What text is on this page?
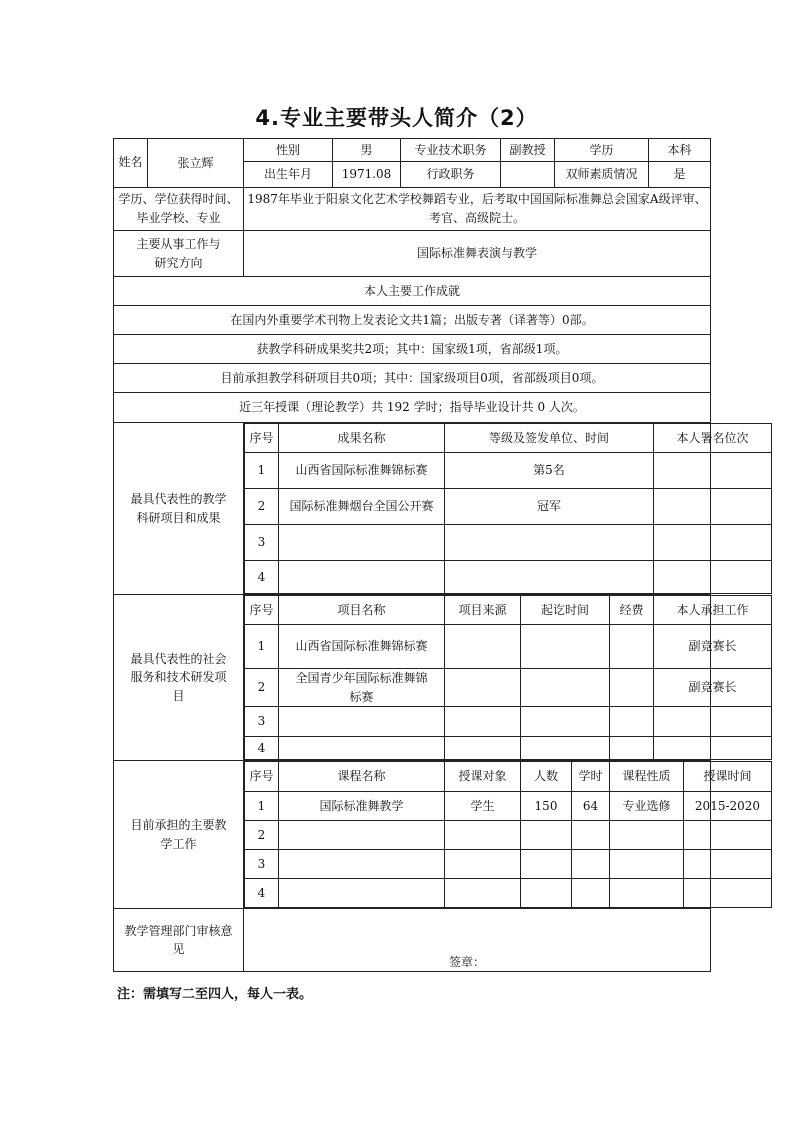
4.专业主要带头人简介（2）
姓名	张立辉	性别	男	专业技术职务	副教授	学历	本科
出生年月	1971.08	行政职务		双师素质情况	是
学历、学位获得时间、毕业学校、专业	1987年毕业于阳泉文化艺术学校舞蹈专业，后考取中国国际标准舞总会国家A级评审、考官、高级院士。
主要从事工作与研究方向	国际标准舞表演与教学
本人主要工作成就
在国内外重要学术刊物上发表论文共1篇；出版专著（译著等）0部。
获教学科研成果奖共2项；其中：国家级1项，省部级1项。
目前承担教学科研项目共0项；其中：国家级项目0项，省部级项目0项。
近三年授课（理论教学）共 192 学时；指导毕业设计共 0 人次。
最具代表性的教学科研项目和成果	
序号	成果名称	等级及签发单位、时间	本人署名位次
1	山西省国际标准舞锦标赛	第5名	
2	国际标准舞烟台全国公开赛	冠军	
3			
4			

最具代表性的社会服务和技术研发项目	
序号	项目名称	项目来源	起讫时间	经费	本人承担工作
1	山西省国际标准舞锦标赛				副竞赛长
2	全国青少年国际标准舞锦标赛				副竞赛长
3					
4					

目前承担的主要教学工作	
序号	课程名称	授课对象	人数	学时	课程性质	授课时间
1	国际标准舞教学	学生	150	64	专业选修	2015-2020
2						
3						
4						

教学管理部门审核意见	
签章：
注：需填写二至四人，每人一表。
